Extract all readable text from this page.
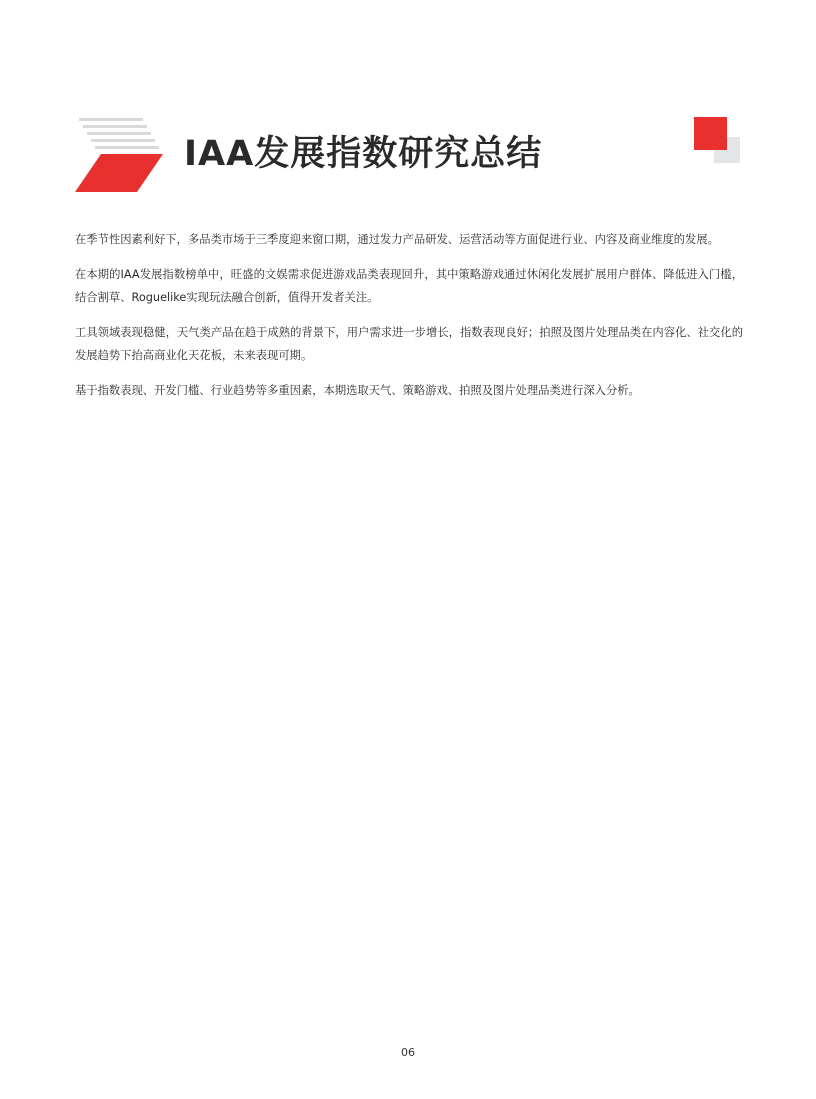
IAA发展指数研究总结

在季节性因素利好下，多品类市场于三季度迎来窗口期，通过发力产品研发、运营活动等方面促进行业、内容及商业维度的发展。

在本期的IAA发展指数榜单中，旺盛的文娱需求促进游戏品类表现回升，其中策略游戏通过休闲化发展扩展用户群体、降低进入门槛，结合割草、Roguelike实现玩法融合创新，值得开发者关注。

工具领域表现稳健，天气类产品在趋于成熟的背景下，用户需求进一步增长，指数表现良好；拍照及图片处理品类在内容化、社交化的发展趋势下抬高商业化天花板，未来表现可期。

基于指数表现、开发门槛、行业趋势等多重因素，本期选取天气、策略游戏、拍照及图片处理品类进行深入分析。

06
